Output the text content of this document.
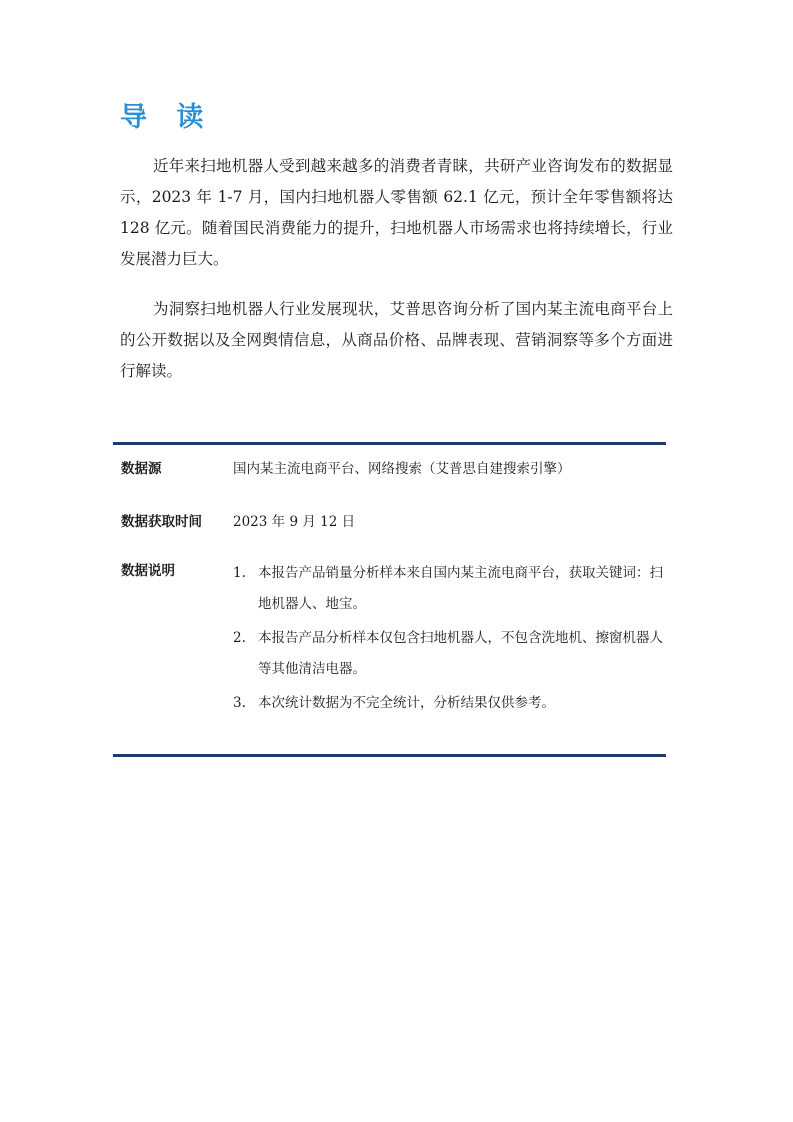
导 读

近年来扫地机器人受到越来越多的消费者青睐，共研产业咨询发布的数据显示，2023 年 1-7 月，国内扫地机器人零售额 62.1 亿元，预计全年零售额将达 128 亿元。随着国民消费能力的提升，扫地机器人市场需求也将持续增长，行业发展潜力巨大。

为洞察扫地机器人行业发展现状，艾普思咨询分析了国内某主流电商平台上的公开数据以及全网舆情信息，从商品价格、品牌表现、营销洞察等多个方面进行解读。

数据源	国内某主流电商平台、网络搜索（艾普思自建搜索引擎）
数据获取时间 2023 年 9 月 12 日
数据说明	1. 本报告产品销量分析样本来自国内某主流电商平台，获取关键词：扫地机器人、地宝。
2. 本报告产品分析样本仅包含扫地机器人，不包含洗地机、擦窗机器人等其他清洁电器。
3. 本次统计数据为不完全统计，分析结果仅供参考。
